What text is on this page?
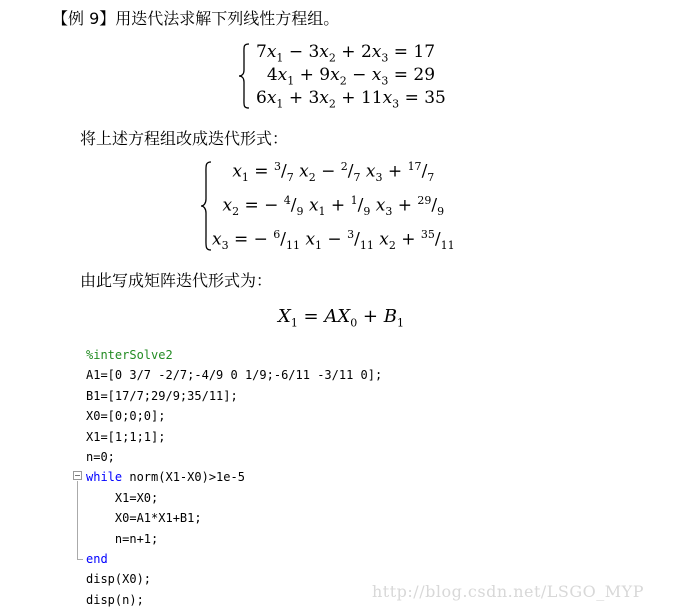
【例 9】用迭代法求解下列线性方程组。
$7x_1 - 3x_2 + 2x_3 = 17$
$4x_1 + 9x_2 - x_3 = 29$
$6x_1 + 3x_2 + 11x_3 = 35$
将上述方程组改成迭代形式：
$x_1 = ^3/_7$ $x_2 - ^2/_7$ $x_3 + ^{17}/_7$
$x_2$ = − $^4/_9$ $x_1 + ^1/_9$ $x_3 + ^{29}/_9$
$x_3$ = − $^6/_{11}$ $x_1 - ^3/_{11}$ $x_2 + ^{35}/_{11}$
由此写成矩阵迭代形式为：
$X_1 = AX_0 + B_1$
%interSolve2
A1=[0 3/7 -2/7;-4/9 0 1/9;-6/11 -3/11 0];
B1=[17/7;29/9;35/11];
X0=[0;0;0];
X1=[1;1;1];
n=0;
while norm(X1-X0)>1e-5
X1=X0;
X0=A1*X1+B1;
n=n+1;
end
disp(X0);
disp(n);	http://blog.csdn.net/LSGO_MYP
